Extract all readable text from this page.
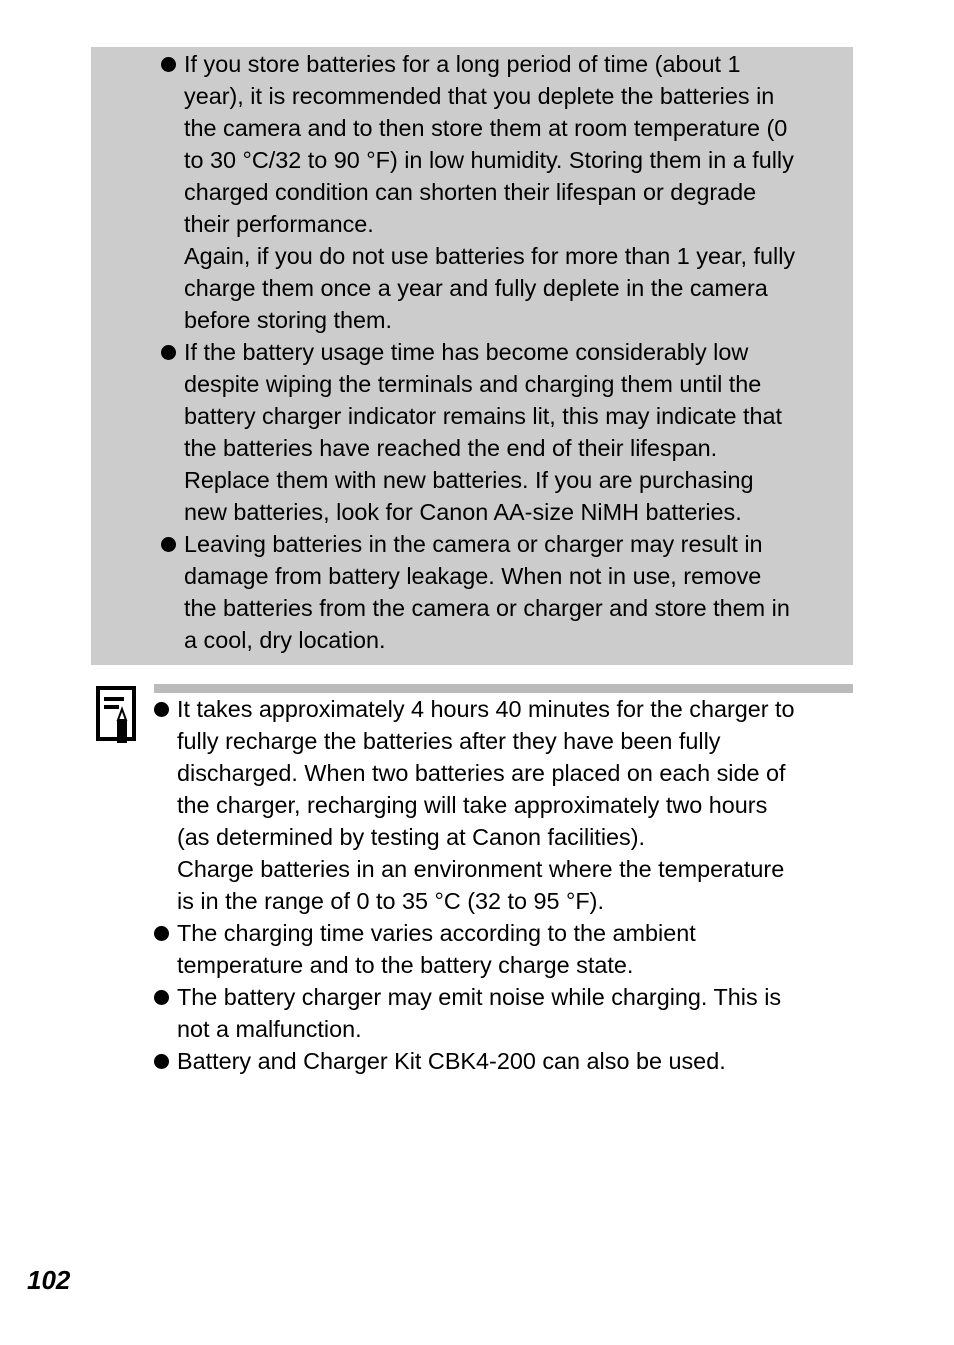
If you store batteries for a long period of time (about 1
year), it is recommended that you deplete the batteries in
the camera and to then store them at room temperature (0
to 30 °C/32 to 90 °F) in low humidity. Storing them in a fully
charged condition can shorten their lifespan or degrade
their performance.
Again, if you do not use batteries for more than 1 year, fully
charge them once a year and fully deplete in the camera
before storing them.
If the battery usage time has become considerably low
despite wiping the terminals and charging them until the
battery charger indicator remains lit, this may indicate that
the batteries have reached the end of their lifespan.
Replace them with new batteries. If you are purchasing
new batteries, look for Canon AA-size NiMH batteries.
Leaving batteries in the camera or charger may result in
damage from battery leakage. When not in use, remove
the batteries from the camera or charger and store them in
a cool, dry location.
It takes approximately 4 hours 40 minutes for the charger to
fully recharge the batteries after they have been fully
discharged. When two batteries are placed on each side of
the charger, recharging will take approximately two hours
(as determined by testing at Canon facilities).
Charge batteries in an environment where the temperature
is in the range of 0 to 35 °C (32 to 95 °F).
The charging time varies according to the ambient
temperature and to the battery charge state.
The battery charger may emit noise while charging. This is
not a malfunction.
Battery and Charger Kit CBK4-200 can also be used.
102
